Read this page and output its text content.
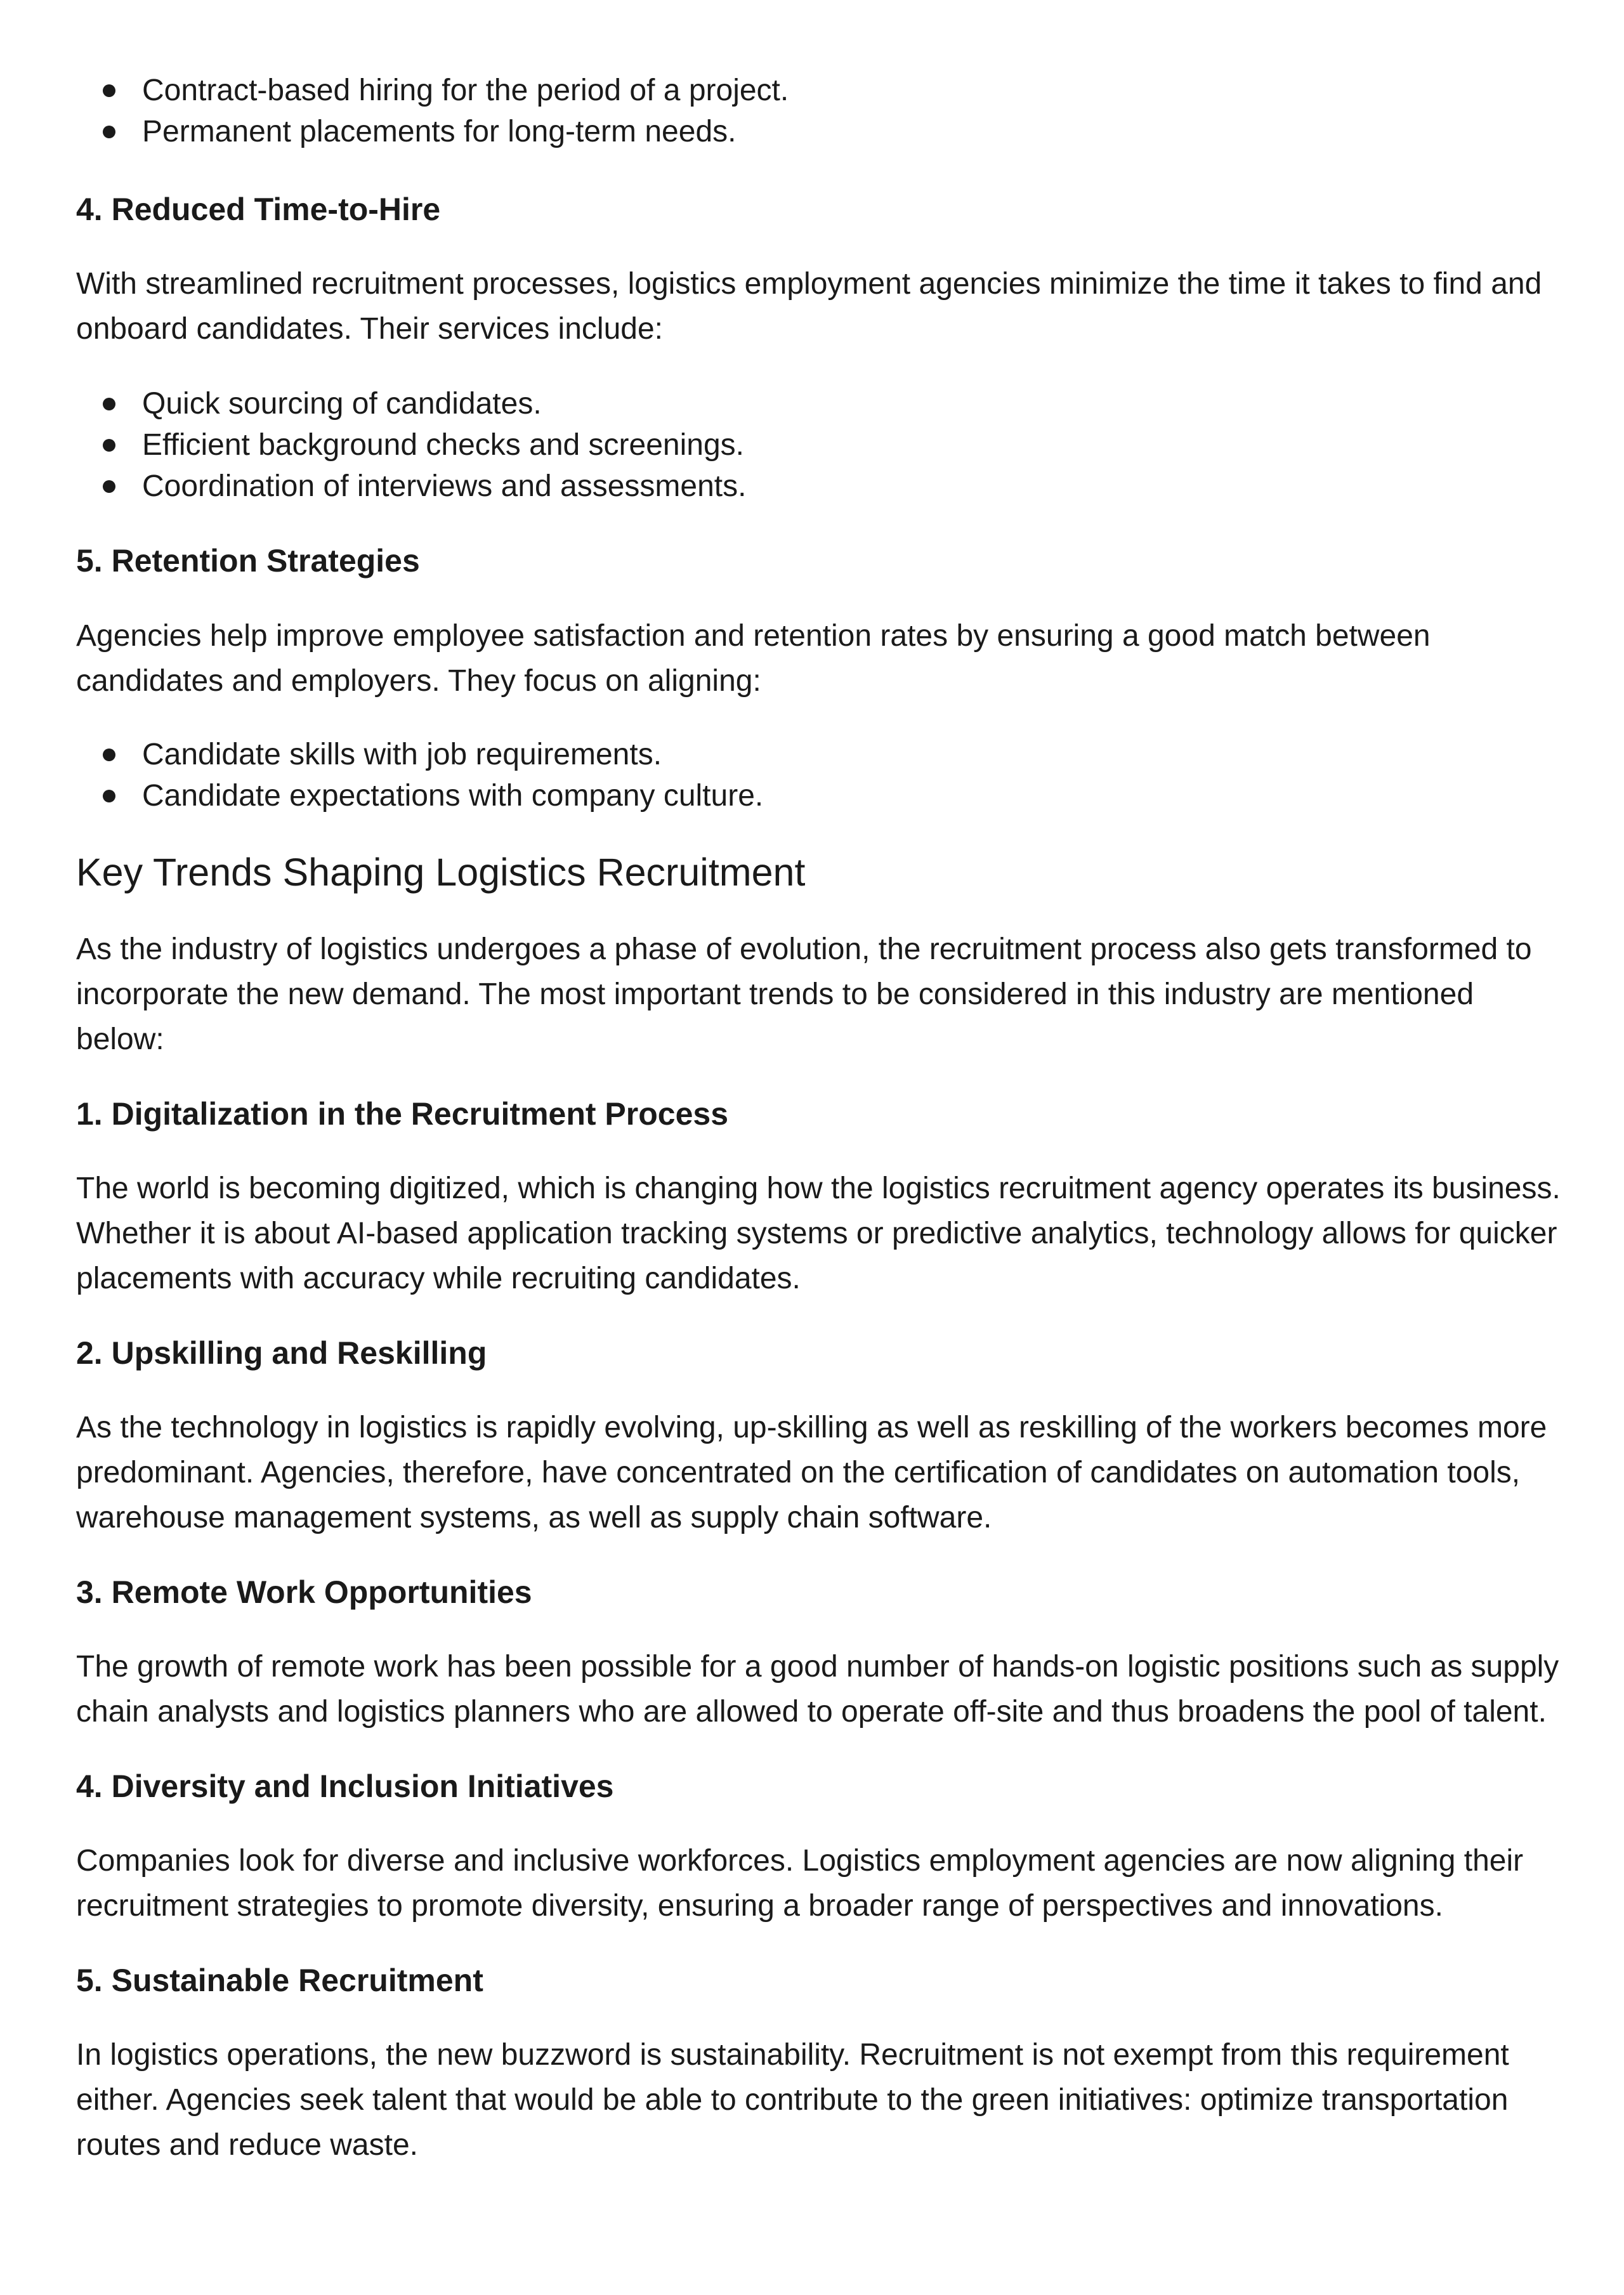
Contract-based hiring for the period of a project.
Permanent placements for long-term needs.
4. Reduced Time-to-Hire

With streamlined recruitment processes, logistics employment agencies minimize the time it takes to find and onboard candidates. Their services include:

Quick sourcing of candidates.
Efficient background checks and screenings.
Coordination of interviews and assessments.
5. Retention Strategies

Agencies help improve employee satisfaction and retention rates by ensuring a good match between candidates and employers. They focus on aligning:

Candidate skills with job requirements.
Candidate expectations with company culture.
Key Trends Shaping Logistics Recruitment

As the industry of logistics undergoes a phase of evolution, the recruitment process also gets transformed to incorporate the new demand. The most important trends to be considered in this industry are mentioned below:

1. Digitalization in the Recruitment Process

The world is becoming digitized, which is changing how the logistics recruitment agency operates its business. Whether it is about AI-based application tracking systems or predictive analytics, technology allows for quicker placements with accuracy while recruiting candidates.

2. Upskilling and Reskilling

As the technology in logistics is rapidly evolving, up-skilling as well as reskilling of the workers becomes more predominant. Agencies, therefore, have concentrated on the certification of candidates on automation tools, warehouse management systems, as well as supply chain software.

3. Remote Work Opportunities

The growth of remote work has been possible for a good number of hands-on logistic positions such as supply chain analysts and logistics planners who are allowed to operate off-site and thus broadens the pool of talent.

4. Diversity and Inclusion Initiatives

Companies look for diverse and inclusive workforces. Logistics employment agencies are now aligning their recruitment strategies to promote diversity, ensuring a broader range of perspectives and innovations.

5. Sustainable Recruitment

In logistics operations, the new buzzword is sustainability. Recruitment is not exempt from this requirement either. Agencies seek talent that would be able to contribute to the green initiatives: optimize transportation routes and reduce waste.
